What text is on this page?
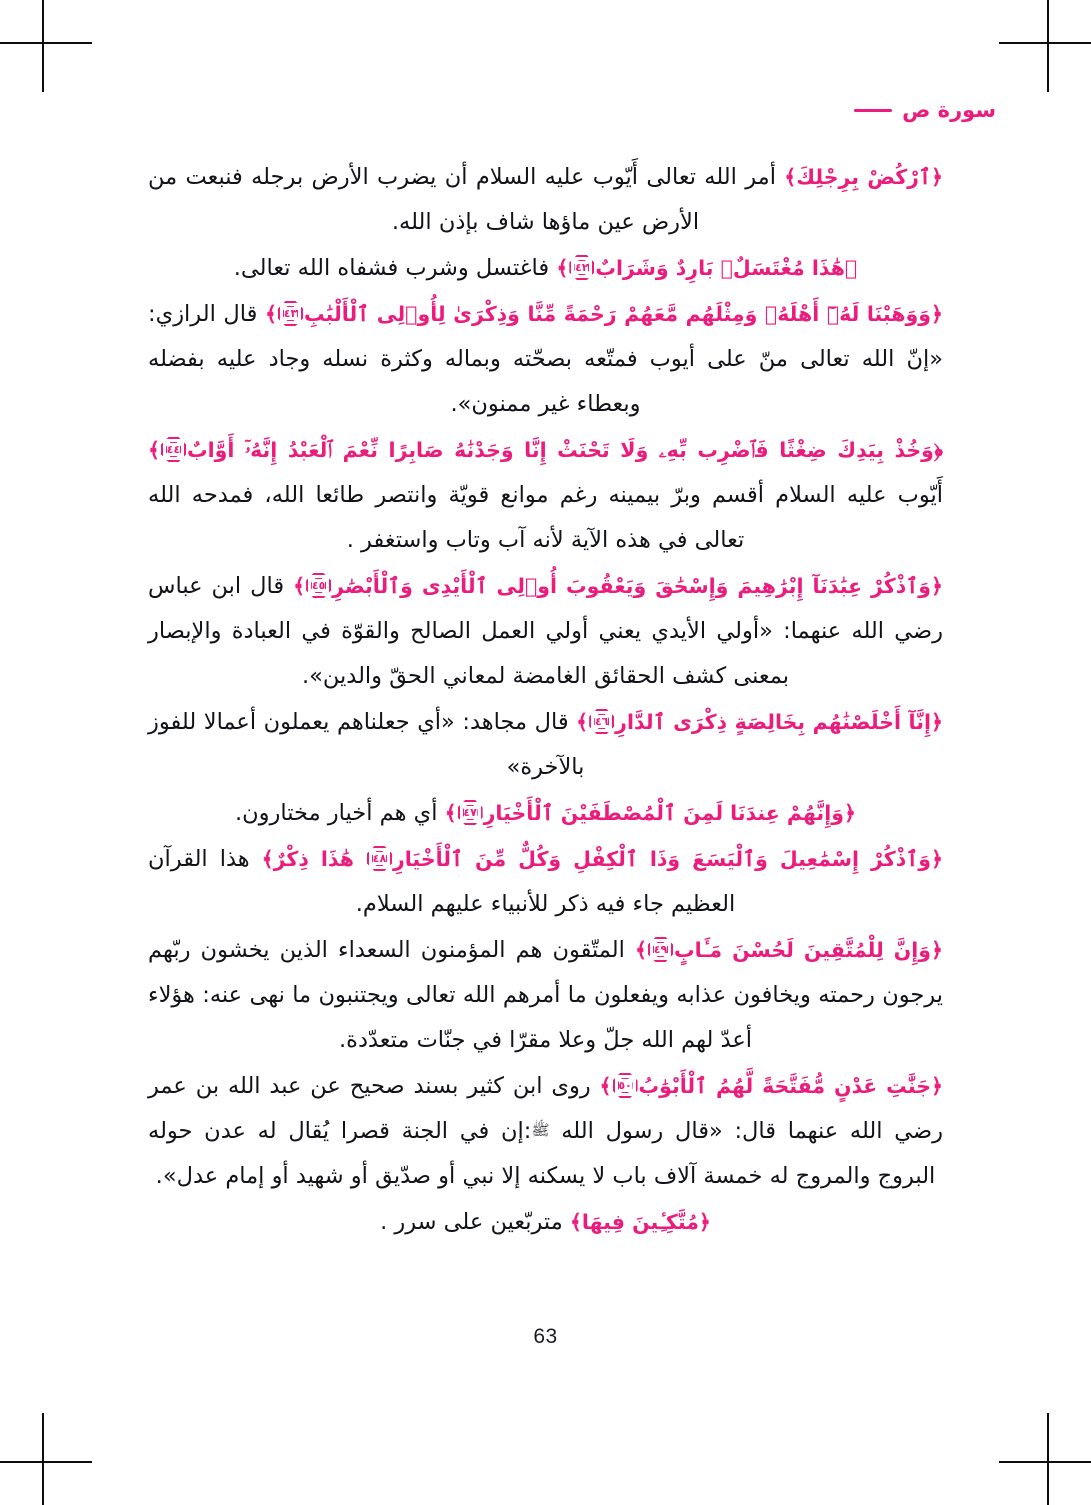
سورة ص

﴿ٱرْكُضْ بِرِجْلِكَ﴾ أمر الله تعالى أَيّوب عليه السلام أن يضرب الأرض برجله فنبعت من الأرض عين ماؤها شاف بإذن الله.

﴿هَٰذَا مُغْتَسَلٌۢ بَارِدٌ وَشَرَابٌ
٤٢
﴾ فاغتسل وشرب فشفاه الله تعالى.

﴿وَوَهَبْنَا لَهُۥٓ أَهْلَهُۥ وَمِثْلَهُم مَّعَهُمْ رَحْمَةً مِّنَّا وَذِكْرَىٰ لِأُو۟لِى ٱلْأَلْبَٰبِ
٤٣
﴾ قال الرازي: «إنّ الله تعالى منّ على أيوب فمتّعه بصحّته وبماله وكثرة نسله وجاد عليه بفضله وبعطاء غير ممنون».

﴿وَخُذْ بِيَدِكَ ضِغْثًا فَٱضْرِب بِّهِۦ وَلَا تَحْنَثْ إِنَّا وَجَدْنَٰهُ صَابِرًا نِّعْمَ ٱلْعَبْدُ إِنَّهُۥٓ أَوَّابٌ
٤٤
﴾ أَيّوب عليه السلام أقسم وبرّ بيمينه رغم موانع قويّة وانتصر طائعا الله، فمدحه الله تعالى في هذه الآية لأنه آب وتاب واستغفر .

﴿وَٱذْكُرْ عِبَٰدَنَآ إِبْرَٰهِيمَ وَإِسْحَٰقَ وَيَعْقُوبَ أُو۟لِى ٱلْأَيْدِى وَٱلْأَبْصَٰرِ
٤٥
﴾ قال ابن عباس رضي الله عنهما: «أولي الأيدي يعني أولي العمل الصالح والقوّة في العبادة والإبصار بمعنى كشف الحقائق الغامضة لمعاني الحقّ والدين».

﴿إِنَّآ أَخْلَصْنَٰهُم بِخَالِصَةٍ ذِكْرَى ٱلدَّارِ
٤٦
﴾ قال مجاهد: «أي جعلناهم يعملون أعمالا للفوز بالآخرة»

﴿وَإِنَّهُمْ عِندَنَا لَمِنَ ٱلْمُصْطَفَيْنَ ٱلْأَخْيَارِ
٤٧
﴾ أي هم أخيار مختارون.

﴿وَٱذْكُرْ إِسْمَٰعِيلَ وَٱلْيَسَعَ وَذَا ٱلْكِفْلِ وَكُلٌّ مِّنَ ٱلْأَخْيَارِ
٤٨
هَٰذَا ذِكْرٌ﴾ هذا القرآن العظيم جاء فيه ذكر للأنبياء عليهم السلام.

﴿وَإِنَّ لِلْمُتَّقِينَ لَحُسْنَ مَـَٔابٍ
٤٩
﴾ المتّقون هم المؤمنون السعداء الذين يخشون ربّهم يرجون رحمته ويخافون عذابه ويفعلون ما أمرهم الله تعالى ويجتنبون ما نهى عنه: هؤلاء أعدّ لهم الله جلّ وعلا مقرّا في جنّات متعدّدة.

﴿جَنَّٰتِ عَدْنٍ مُّفَتَّحَةً لَّهُمُ ٱلْأَبْوَٰبُ
٥٠
﴾ روى ابن كثير بسند صحيح عن عبد الله بن عمر رضي الله عنهما قال: «قال رسول الله ﷺ:إن في الجنة قصرا يُقال له عدن حوله البروج والمروج له خمسة آلاف باب لا يسكنه إلا نبي أو صدّيق أو شهيد أو إمام عدل».

﴿مُتَّكِـِٔينَ فِيهَا﴾ متربّعين على سرر .

63
